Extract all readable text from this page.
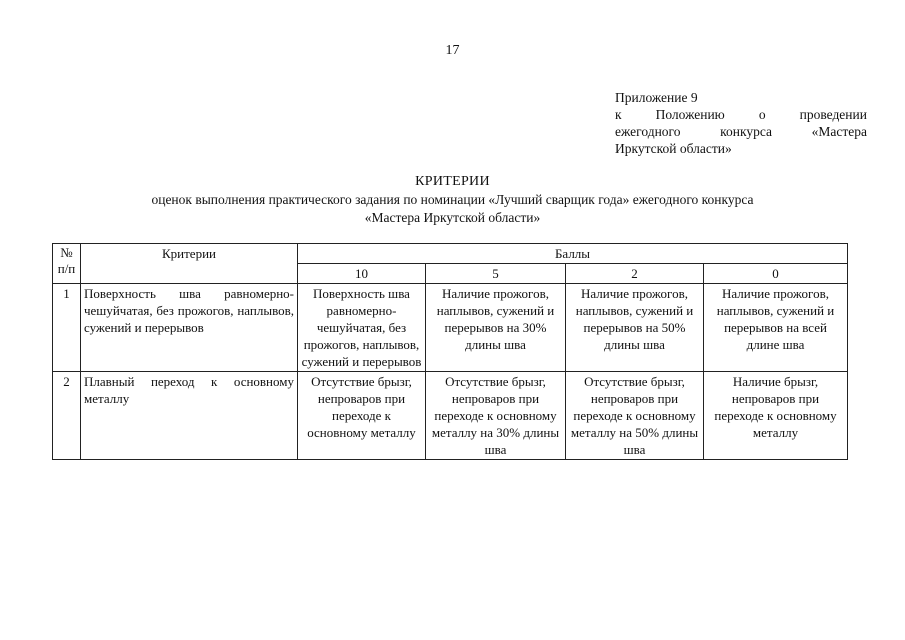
17
Приложение 9
к	Положению	о	проведении
ежегодного	конкурса	«Мастера
Иркутской области»
КРИТЕРИИ
оценок выполнения практического задания по номинации «Лучший сварщик года» ежегодного конкурса
«Мастера Иркутской области»
№
п/п	Критерии	Баллы			
		10	5	2	0
1	Поверхность шва равномерно-чешуйчатая, без прожогов, наплывов, сужений и перерывов	Поверхность шва равномерно-чешуйчатая, без прожогов, наплывов, сужений и перерывов	Наличие прожогов, наплывов, сужений и перерывов на 30% длины шва	Наличие прожогов, наплывов, сужений и перерывов на 50% длины шва	Наличие прожогов, наплывов, сужений и перерывов на всей длине шва
2	Плавный переход к основному металлу	Отсутствие брызг, непроваров при переходе к основному металлу	Отсутствие брызг, непроваров при переходе к основному металлу на 30% длины шва	Отсутствие брызг, непроваров при переходе к основному металлу на 50% длины шва	Наличие брызг, непроваров при переходе к основному металлу
